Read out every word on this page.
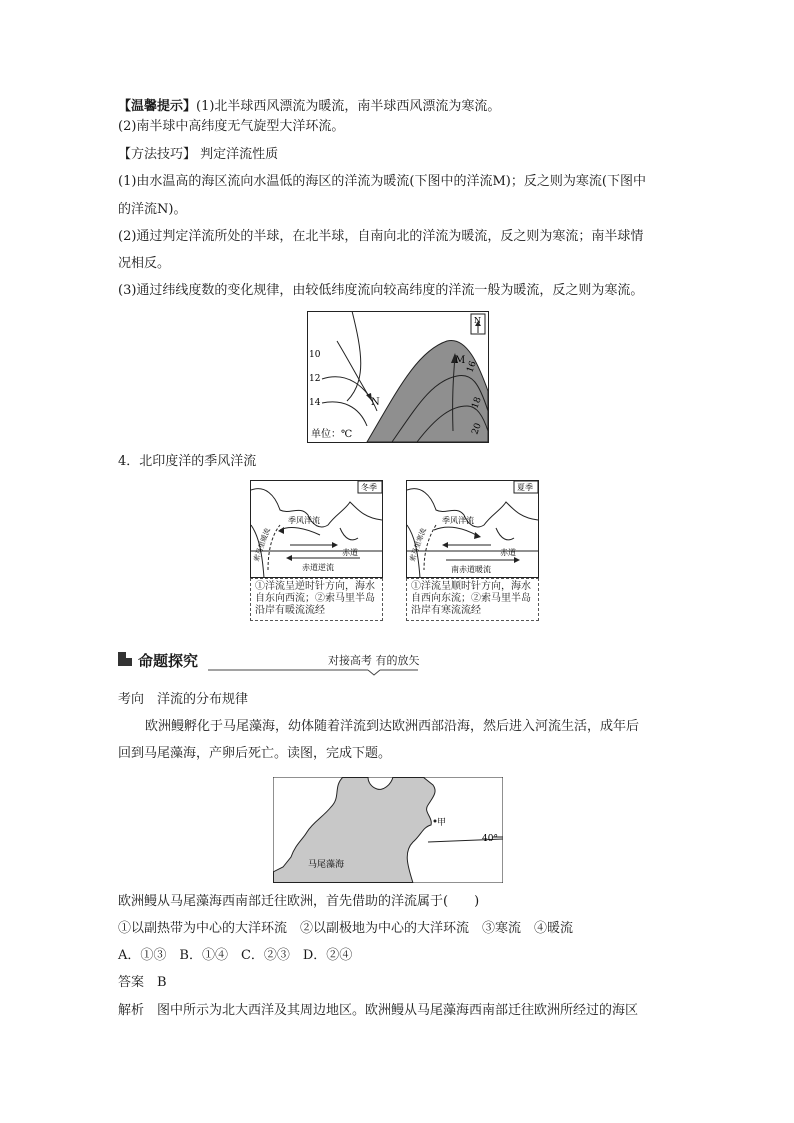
【温馨提示】(1)北半球西风漂流为暖流，南半球西风漂流为寒流。
(2)南半球中高纬度无气旋型大洋环流。
【方法技巧】 判定洋流性质
(1)由水温高的海区流向水温低的海区的洋流为暖流(下图中的洋流M)；反之则为寒流(下图中
的洋流N)。
(2)通过判定洋流所处的半球，在北半球，自南向北的洋流为暖流，反之则为寒流；南半球情
况相反。
(3)通过纬线度数的变化规律，由较低纬度流向较高纬度的洋流一般为暖流，反之则为寒流。
N
10
12
14
16
18
20
M
N
单位：℃
4．北印度洋的季风洋流
冬季
季风洋流
索马里暖流	赤道
赤道逆流
①洋流呈逆时针方向，海水
自东向西流；②索马里半岛
沿岸有暖流流经
夏季
季风洋流
索马里寒流	赤道
南赤道暖流
①洋流呈顺时针方向，海水
自西向东流；②索马里半岛
沿岸有寒流流经
命题探究	对接高考 有的放矢
考向　洋流的分布规律
欧洲鳗孵化于马尾藻海，幼体随着洋流到达欧洲西部沿海，然后进入河流生活，成年后
回到马尾藻海，产卵后死亡。读图，完成下题。
甲
40°
马尾藻海
欧洲鳗从马尾藻海西南部迁往欧洲，首先借助的洋流属于(　　)
①以副热带为中心的大洋环流　②以副极地为中心的大洋环流　③寒流　④暖流
A．①③　B．①④　C．②③　D．②④
答案　B
解析　图中所示为北大西洋及其周边地区。欧洲鳗从马尾藻海西南部迁往欧洲所经过的海区
